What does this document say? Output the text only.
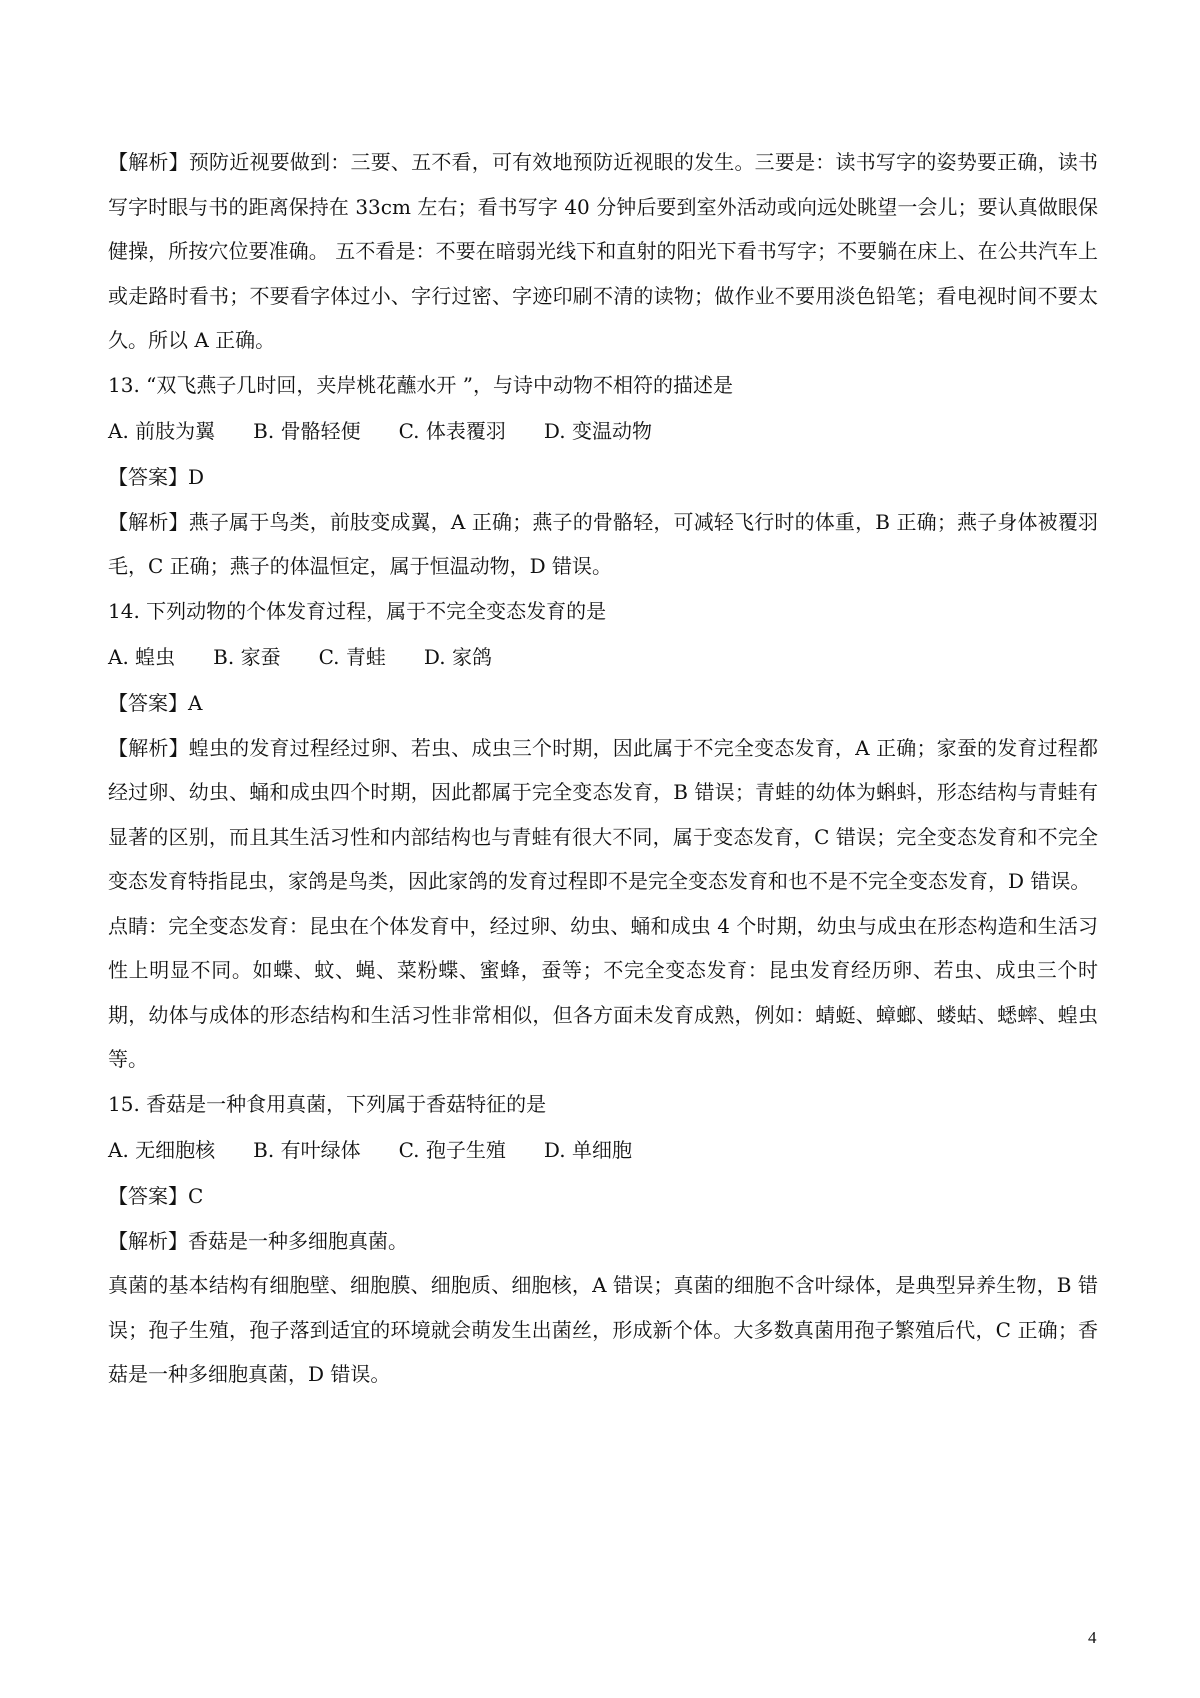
【解析】预防近视要做到：三要、五不看，可有效地预防近视眼的发生。三要是：读书写字的姿势要正确，读书写字时眼与书的距离保持在 33cm 左右；看书写字 40 分钟后要到室外活动或向远处眺望一会儿；要认真做眼保健操，所按穴位要准确。 五不看是：不要在暗弱光线下和直射的阳光下看书写字；不要躺在床上、在公共汽车上或走路时看书；不要看字体过小、字行过密、字迹印刷不清的读物；做作业不要用淡色铅笔；看电视时间不要太久。所以 A 正确。

13. “双飞燕子几时回，夹岸桃花蘸水开 ”，与诗中动物不相符的描述是

A. 前肢为翼 B. 骨骼轻便 C. 体表覆羽 D. 变温动物

【答案】D

【解析】燕子属于鸟类，前肢变成翼，A 正确；燕子的骨骼轻，可减轻飞行时的体重，B 正确；燕子身体被覆羽毛，C 正确；燕子的体温恒定，属于恒温动物，D 错误。

14. 下列动物的个体发育过程，属于不完全变态发育的是

A. 蝗虫 B. 家蚕 C. 青蛙 D. 家鸽

【答案】A

【解析】蝗虫的发育过程经过卵、若虫、成虫三个时期，因此属于不完全变态发育，A 正确；家蚕的发育过程都经过卵、幼虫、蛹和成虫四个时期，因此都属于完全变态发育，B 错误；青蛙的幼体为蝌蚪，形态结构与青蛙有显著的区别，而且其生活习性和内部结构也与青蛙有很大不同，属于变态发育，C 错误；完全变态发育和不完全变态发育特指昆虫，家鸽是鸟类，因此家鸽的发育过程即不是完全变态发育和也不是不完全变态发育，D 错误。

点睛：完全变态发育：昆虫在个体发育中，经过卵、幼虫、蛹和成虫 4 个时期，幼虫与成虫在形态构造和生活习性上明显不同。如蝶、蚊、蝇、菜粉蝶、蜜蜂，蚕等；不完全变态发育：昆虫发育经历卵、若虫、成虫三个时期，幼体与成体的形态结构和生活习性非常相似，但各方面未发育成熟，例如：蜻蜓、蟑螂、蝼蛄、蟋蟀、蝗虫等。

15. 香菇是一种食用真菌，下列属于香菇特征的是

A. 无细胞核 B. 有叶绿体 C. 孢子生殖 D. 单细胞

【答案】C

【解析】香菇是一种多细胞真菌。

真菌的基本结构有细胞壁、细胞膜、细胞质、细胞核，A 错误；真菌的细胞不含叶绿体，是典型异养生物，B 错误；孢子生殖，孢子落到适宜的环境就会萌发生出菌丝，形成新个体。大多数真菌用孢子繁殖后代，C 正确；香菇是一种多细胞真菌，D 错误。

4
